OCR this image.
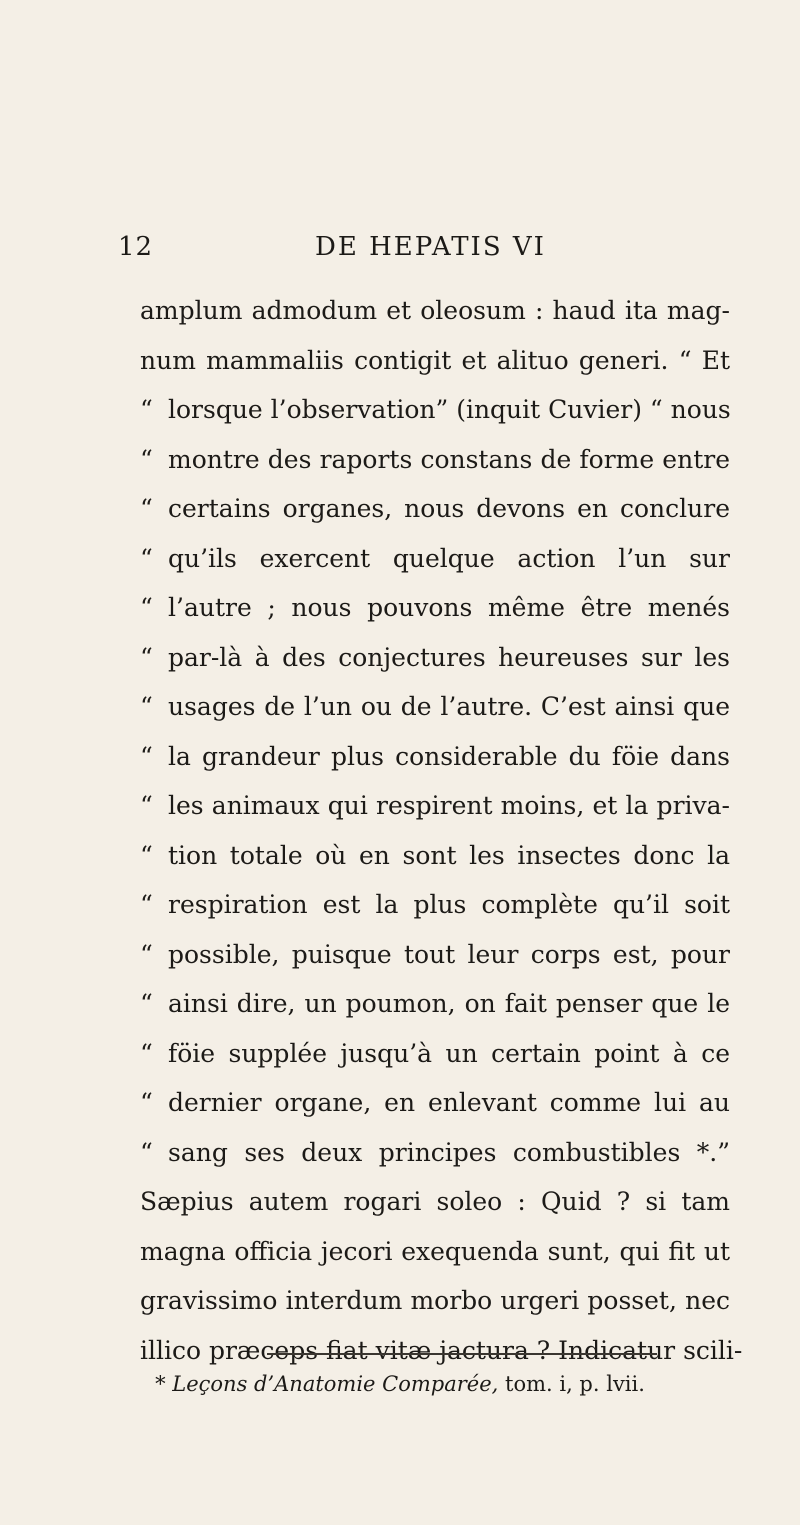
12	DE HEPATIS VI
amplum admodum et oleosum : haud ita mag-
num mammaliis contigit et alituo generi. “ Et
“ lorsque l’observation” (inquit Cuvier) “ nous
“ montre des raports constans de forme entre
“ certains organes, nous devons en conclure
“ qu’ils exercent quelque action l’un sur
“ l’autre ; nous pouvons même être menés
“ par-là à des conjectures heureuses sur les
“ usages de l’un ou de l’autre. C’est ainsi que
“ la grandeur plus considerable du föie dans
“ les animaux qui respirent moins, et la priva-
“ tion totale où en sont les insectes donc la
“ respiration est la plus complète qu’il soit
“ possible, puisque tout leur corps est, pour
“ ainsi dire, un poumon, on fait penser que le
“ föie supplée jusqu’à un certain point à ce
“ dernier organe, en enlevant comme lui au
“ sang ses deux principes combustibles *.”
Sæpius autem rogari soleo : Quid ? si tam
magna officia jecori exequenda sunt, qui fit ut
gravissimo interdum morbo urgeri posset, nec
illico præceps fiat vitæ jactura ? Indicatur scili-
* Leçons d’Anatomie Comparée, tom. i, p. lvii.
